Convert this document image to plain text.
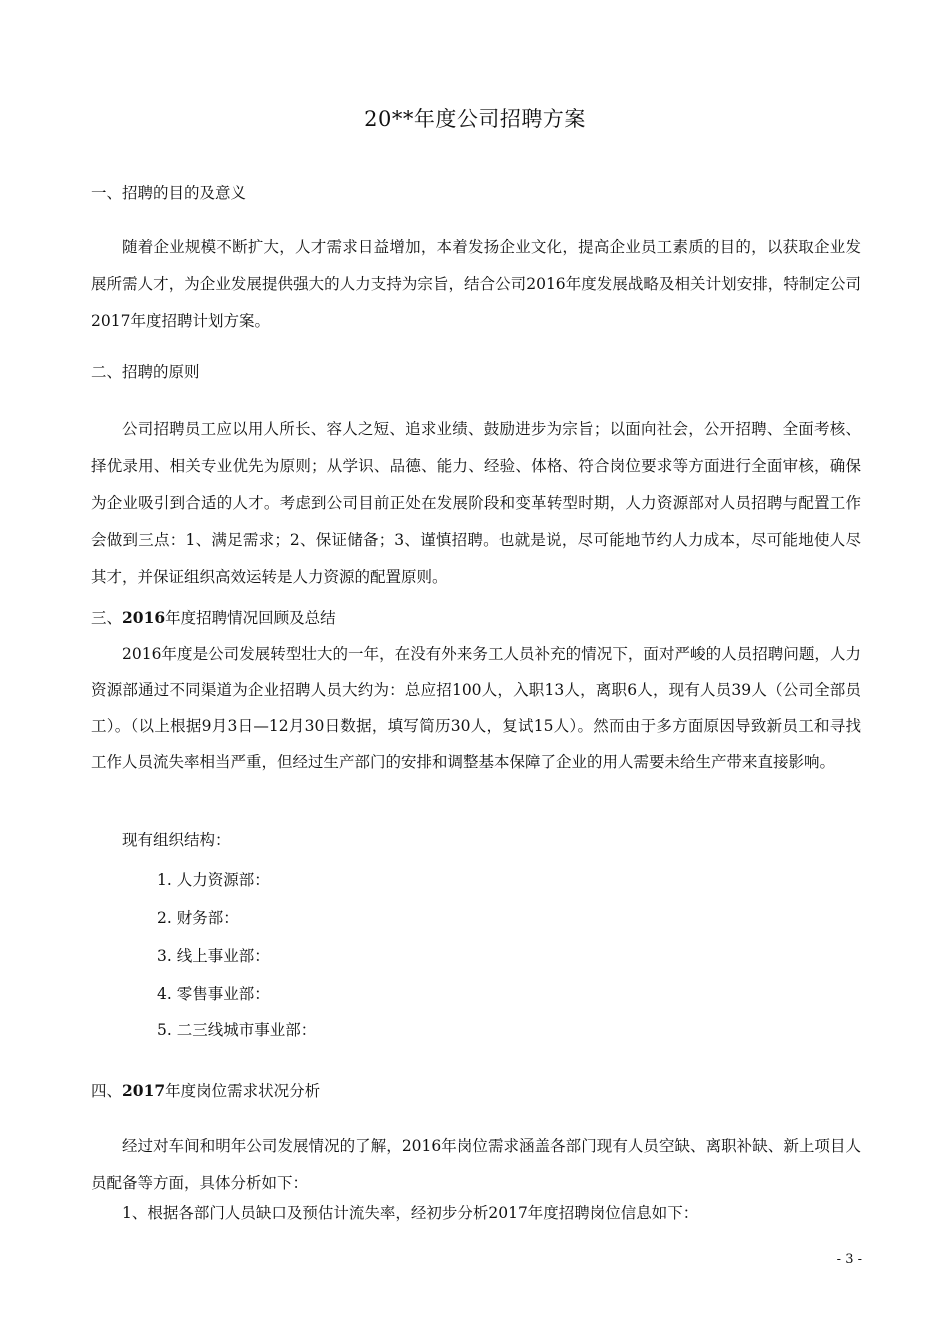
20**年度公司招聘方案
一、招聘的目的及意义
随着企业规模不断扩大，人才需求日益增加，本着发扬企业文化，提高企业员工素质的目的，以获取企业发展所需人才，为企业发展提供强大的人力支持为宗旨，结合公司2016年度发展战略及相关计划安排，特制定公司2017年度招聘计划方案。
二、招聘的原则
公司招聘员工应以用人所长、容人之短、追求业绩、鼓励进步为宗旨；以面向社会，公开招聘、全面考核、择优录用、相关专业优先为原则；从学识、品德、能力、经验、体格、符合岗位要求等方面进行全面审核，确保为企业吸引到合适的人才。考虑到公司目前正处在发展阶段和变革转型时期，人力资源部对人员招聘与配置工作会做到三点：1、满足需求；2、保证储备；3、谨慎招聘。也就是说，尽可能地节约人力成本，尽可能地使人尽其才，并保证组织高效运转是人力资源的配置原则。
三、2016年度招聘情况回顾及总结
2016年度是公司发展转型壮大的一年，在没有外来务工人员补充的情况下，面对严峻的人员招聘问题，人力资源部通过不同渠道为企业招聘人员大约为：总应招100人，入职13人，离职6人，现有人员39人（公司全部员工）。（以上根据9月3日—12月30日数据，填写简历30人，复试15人）。然而由于多方面原因导致新员工和寻找工作人员流失率相当严重，但经过生产部门的安排和调整基本保障了企业的用人需要未给生产带来直接影响。
现有组织结构：
1. 人力资源部：
2. 财务部：
3. 线上事业部：
4. 零售事业部：
5. 二三线城市事业部：
四、2017年度岗位需求状况分析
经过对车间和明年公司发展情况的了解，2016年岗位需求涵盖各部门现有人员空缺、离职补缺、新上项目人员配备等方面，具体分析如下：
1、根据各部门人员缺口及预估计流失率，经初步分析2017年度招聘岗位信息如下：
- 3 -
